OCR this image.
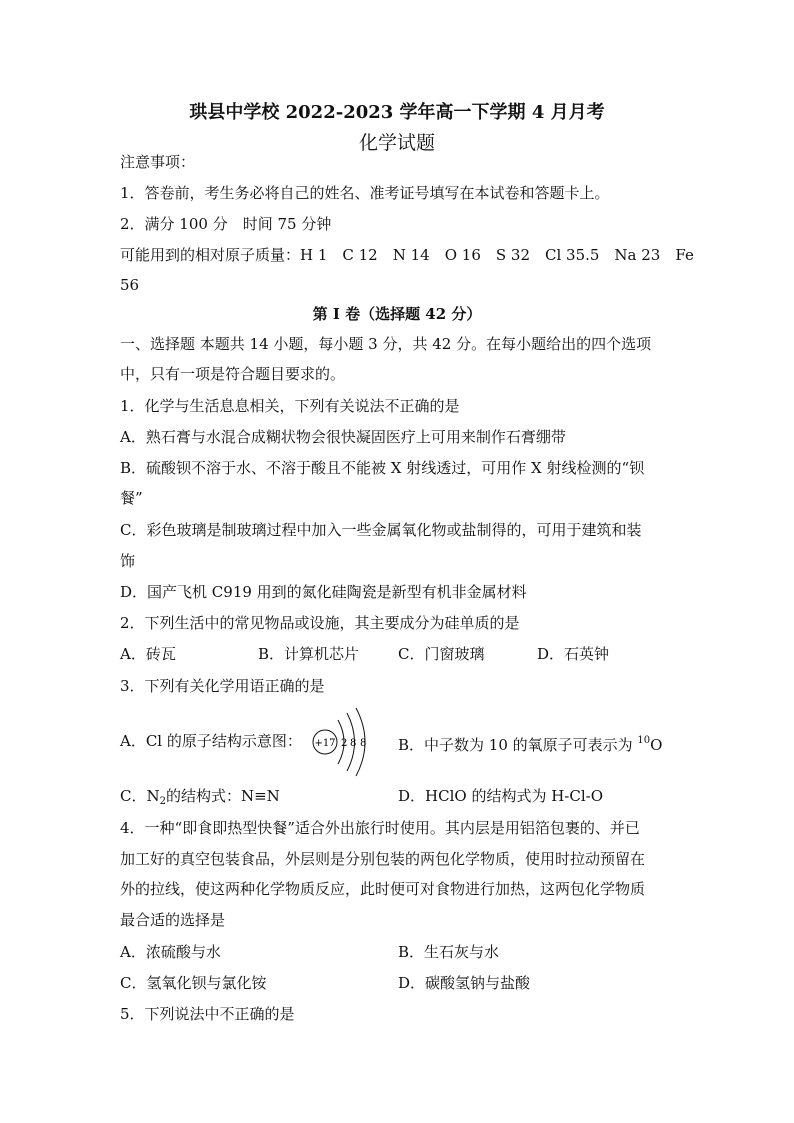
珙县中学校 2022-2023 学年高一下学期 4 月月考
化学试题
注意事项：
1．答卷前，考生务必将自己的姓名、准考证号填写在本试卷和答题卡上。
2．满分 100 分　时间 75 分钟
可能用到的相对原子质量：H 1　C 12　N 14　O 16　S 32　Cl 35.5　Na 23　Fe
56
第 I 卷（选择题 42 分）
一、选择题 本题共 14 小题，每小题 3 分，共 42 分。在每小题给出的四个选项
中，只有一项是符合题目要求的。
1．化学与生活息息相关，下列有关说法不正确的是
A．熟石膏与水混合成糊状物会很快凝固医疗上可用来制作石膏绷带
B．硫酸钡不溶于水、不溶于酸且不能被 X 射线透过，可用作 X 射线检测的“钡
餐”
C．彩色玻璃是制玻璃过程中加入一些金属氧化物或盐制得的，可用于建筑和装
饰
D．国产飞机 C919 用到的氮化硅陶瓷是新型有机非金属材料
2．下列生活中的常见物品或设施，其主要成分为硅单质的是
A．砖瓦	B．计算机芯片	C．门窗玻璃	D．石英钟
3．下列有关化学用语正确的是
A．Cl 的原子结构示意图： +17 2 8 8 B．中子数为 10 的氧原子可表示为 $^{10}$O
C．$N_2$的结构式：N≡N	D．HClO 的结构式为 H-Cl-O
4．一种“即食即热型快餐”适合外出旅行时使用。其内层是用铝箔包裹的、并已
加工好的真空包装食品，外层则是分别包装的两包化学物质，使用时拉动预留在
外的拉线，使这两种化学物质反应，此时便可对食物进行加热，这两包化学物质
最合适的选择是
A．浓硫酸与水	B．生石灰与水
C．氢氧化钡与氯化铵	D．碳酸氢钠与盐酸
5．下列说法中不正确的是
